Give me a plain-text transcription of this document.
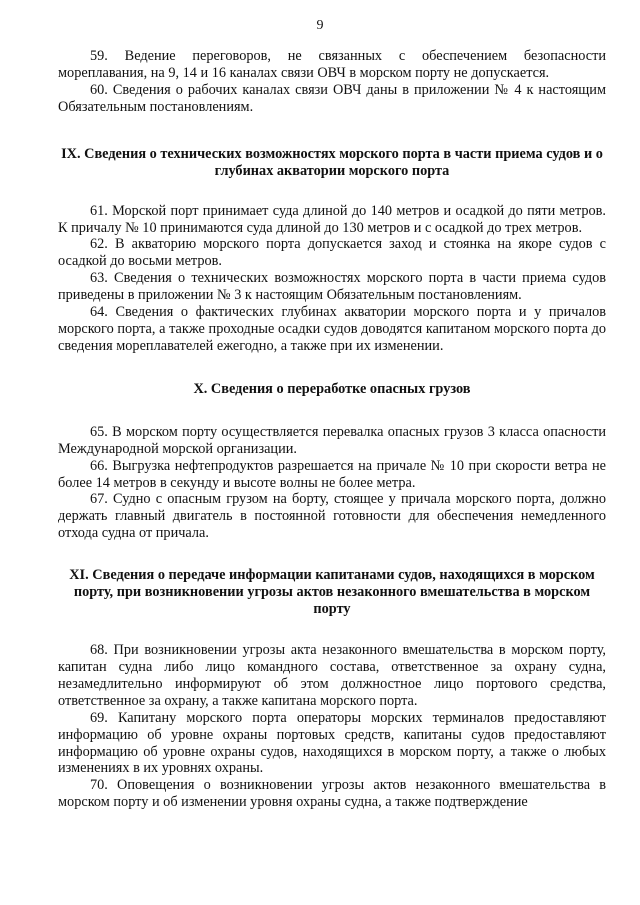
9

59. Ведение переговоров, не связанных с обеспечением безопасности мореплавания, на 9, 14 и 16 каналах связи ОВЧ в морском порту не допускается.

60. Сведения о рабочих каналах связи ОВЧ даны в приложении № 4 к настоящим Обязательным постановлениям.

IX. Сведения о технических возможностях морского порта в части приема судов и о глубинах акватории морского порта

61. Морской порт принимает суда длиной до 140 метров и осадкой до пяти метров. К причалу № 10 принимаются суда длиной до 130 метров и с осадкой до трех метров.

62. В акваторию морского порта допускается заход и стоянка на якоре судов с осадкой до восьми метров.

63. Сведения о технических возможностях морского порта в части приема судов приведены в приложении № 3 к настоящим Обязательным постановлениям.

64. Сведения о фактических глубинах акватории морского порта и у причалов морского порта, а также проходные осадки судов доводятся капитаном морского порта до сведения мореплавателей ежегодно, а также при их изменении.

X. Сведения о переработке опасных грузов

65. В морском порту осуществляется перевалка опасных грузов 3 класса опасности Международной морской организации.

66. Выгрузка нефтепродуктов разрешается на причале № 10 при скорости ветра не более 14 метров в секунду и высоте волны не более метра.

67. Судно с опасным грузом на борту, стоящее у причала морского порта, должно держать главный двигатель в постоянной готовности для обеспечения немедленного отхода судна от причала.

XI. Сведения о передаче информации капитанами судов, находящихся в морском порту, при возникновении угрозы актов незаконного вмешательства в морском порту

68. При возникновении угрозы акта незаконного вмешательства в морском порту, капитан судна либо лицо командного состава, ответственное за охрану судна, незамедлительно информируют об этом должностное лицо портового средства, ответственное за охрану, а также капитана морского порта.

69. Капитану морского порта операторы морских терминалов предоставляют информацию об уровне охраны портовых средств, капитаны судов предоставляют информацию об уровне охраны судов, находящихся в морском порту, а также о любых изменениях в их уровнях охраны.

70. Оповещения о возникновении угрозы актов незаконного вмешательства в морском порту и об изменении уровня охраны судна, а также подтверждение
